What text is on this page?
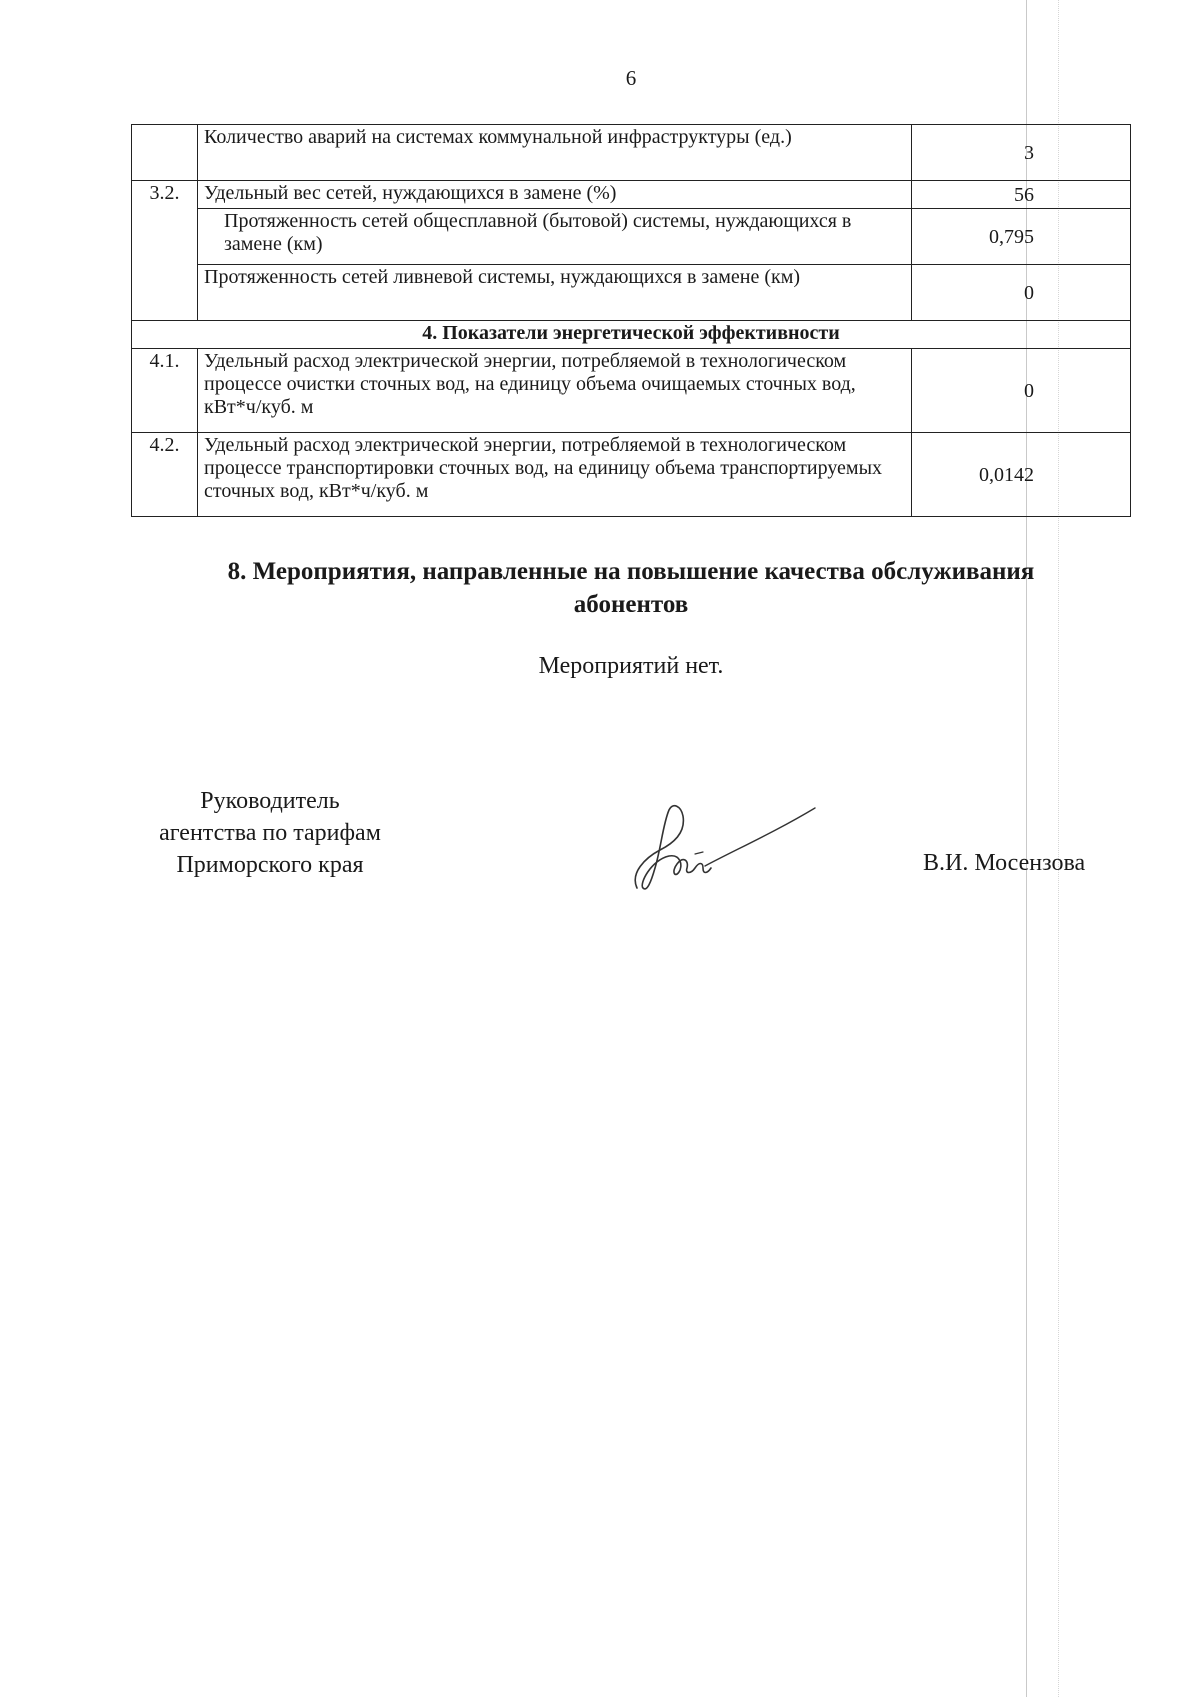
6
	Количество аварий на системах коммунальной инфраструктуры (ед.)	3
3.2.	Удельный вес сетей, нуждающихся в замене (%)	56
	Протяженность сетей общесплавной (бытовой) системы, нуждающихся в замене (км)	0,795
	Протяженность сетей ливневой системы, нуждающихся в замене (км)	0
4. Показатели энергетической эффективности		
4.1.	Удельный расход электрической энергии, потребляемой в технологическом процессе очистки сточных вод, на единицу объема очищаемых сточных вод, кВт*ч/куб. м	0
4.2.	Удельный расход электрической энергии, потребляемой в технологическом процессе транспортировки сточных вод, на единицу объема транспортируемых сточных вод, кВт*ч/куб. м	0,0142
8. Мероприятия, направленные на повышение качества обслуживания абонентов
Мероприятий нет.
Руководитель
агентства по тарифам
Приморского края	В.И. Мосензова
